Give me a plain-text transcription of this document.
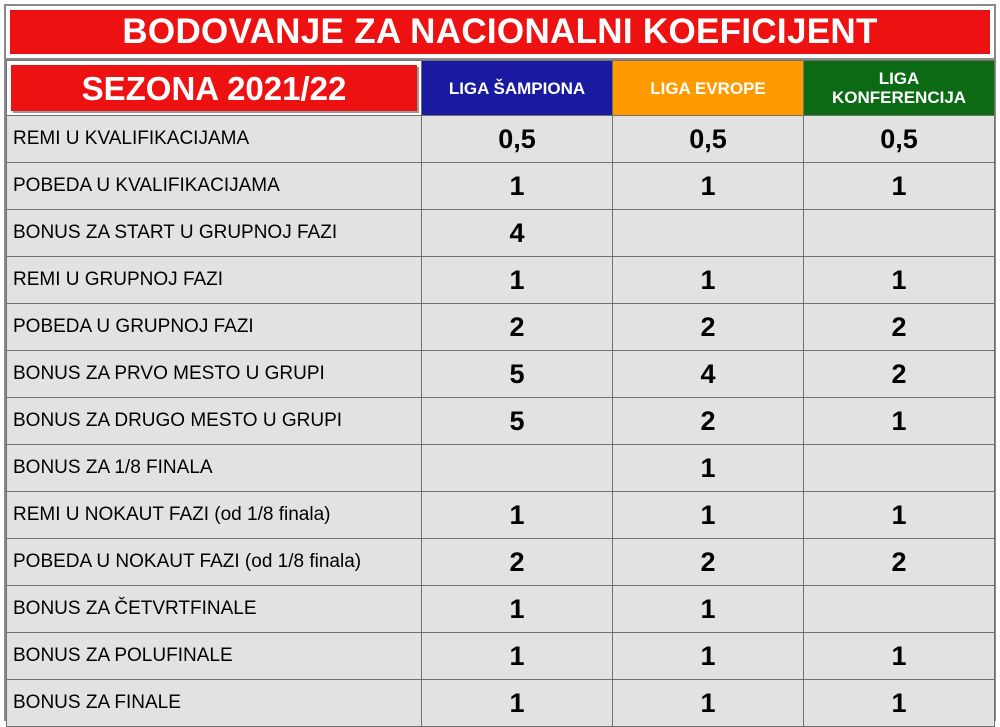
BODOVANJE ZA NACIONALNI KOEFICIJENT
SEZONA 2021/22	LIGA ŠAMPIONA	LIGA EVROPE	LIGA
KONFERENCIJA
REMI U KVALIFIKACIJAMA	0,5	0,5	0,5
POBEDA U KVALIFIKACIJAMA	1	1	1
BONUS ZA START U GRUPNOJ FAZI	4		
REMI U GRUPNOJ FAZI	1	1	1
POBEDA U GRUPNOJ FAZI	2	2	2
BONUS ZA PRVO MESTO U GRUPI	5	4	2
BONUS ZA DRUGO MESTO U GRUPI	5	2	1
BONUS ZA 1/8 FINALA		1	
REMI U NOKAUT FAZI (od 1/8 finala)	1	1	1
POBEDA U NOKAUT FAZI (od 1/8 finala)	2	2	2
BONUS ZA ČETVRTFINALE	1	1	
BONUS ZA POLUFINALE	1	1	1
BONUS ZA FINALE	1	1	1
